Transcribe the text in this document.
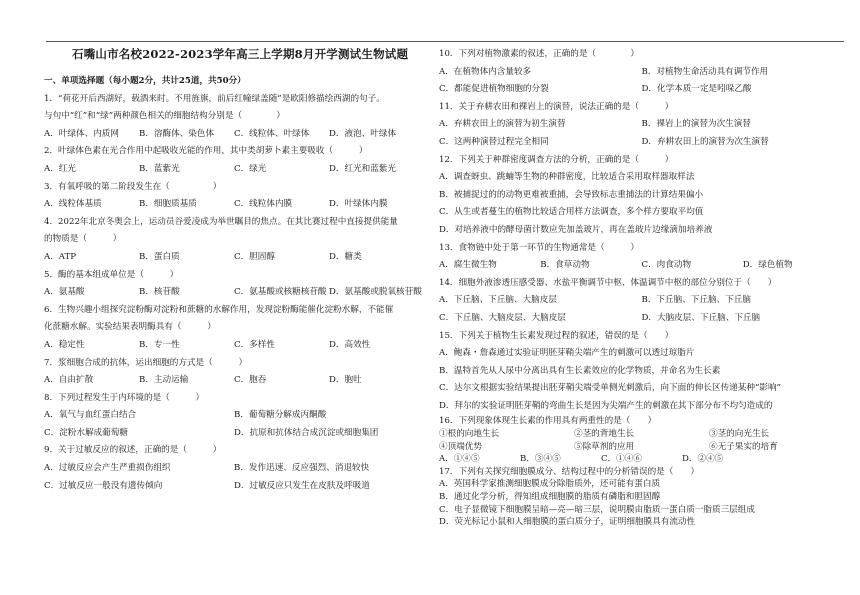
石嘴山市名校2022-2023学年高三上学期8月开学测试生物试题
一、单项选择题（每小题2分，共计25道，共50分）
1．“荷花开后西湖好，载酒来时。不用旌旗，前后红幢绿盖随”是欧阳修描绘西湖的句子。
与句中“红”和“绿”两种颜色相关的细胞结构分别是（　　　　）
A．叶绿体、内质网	B．溶酶体、染色体	C．线粒体、叶绿体	D．液泡、叶绿体
2．叶绿体色素在光合作用中起吸收光能的作用，其中类胡萝卜素主要吸收（　　　）
A．红光	B．蓝紫光	C．绿光	D．红光和蓝紫光
3．有氧呼吸的第二阶段发生在（　　　　　）
A．线粒体基质	B．细胞质基质	C．线粒体内膜	D．叶绿体内膜
4．2022年北京冬奥会上，运动员谷爱凌成为举世瞩目的焦点。在其比赛过程中直接提供能量
的物质是（　　　）
A．ATP	B．蛋白质	C．胆固醇	D．糖类
5．酶的基本组成单位是（　　　）
A．氨基酸	B．核苷酸	C．氨基酸或核糖核苷酸 D．氨基酸或脱氧核苷酸
6．生物兴趣小组探究淀粉酶对淀粉和蔗糖的水解作用，发现淀粉酶能催化淀粉水解，不能催
化蔗糖水解。实验结果表明酶具有（　　　）
A．稳定性	B．专一性	C．多样性	D．高效性
7．浆细胞合成的抗体，运出细胞的方式是（　　　）
A．自由扩散	B．主动运输	C．胞吞	D．胞吐
8．下列过程发生于内环境的是（　　　）
A．氧气与血红蛋白结合	B．葡萄糖分解成丙酮酸
C．淀粉水解成葡萄糖	D．抗原和抗体结合成沉淀或细胞集团
9．关于过敏反应的叙述，正确的是（　　　）
A．过敏反应会产生严重损伤组织	B．发作迅速、反应强烈、消退较快
C．过敏反应一般没有遗传倾向	D．过敏反应只发生在皮肤及呼吸道
10．下列对植物激素的叙述，正确的是（　　　　）
A．在植物体内含量较多	B．对植物生命活动具有调节作用
C．都能促进植物细胞的分裂	D．化学本质一定是吲哚乙酸
11．关于弃耕农田和裸岩上的演替，说法正确的是（　　　）
A．弃耕农田上的演替为初生演替	B．裸岩上的演替为次生演替
C．这两种演替过程完全相同	D．弃耕农田上的演替为次生演替
12．下列关于种群密度调查方法的分析，正确的是（　　　）
A．调查蚜虫、跳蝻等生物的种群密度，比较适合采用取样器取样法
B．被捕捉过的的动物更难被重捕，会导致标志重捕法的计算结果偏小
C．从生或者蔓生的植物比较适合用样方法调查，多个样方要取平均值
D．对培养液中的酵母菌计数应先加盖玻片，再在盖玻片边缘滴加培养液
13．食物链中处于第一环节的生物通常是（　　　）
A．腐生微生物	B．食草动物	C．肉食动物	D．绿色植物
14．细胞外液渗透压感受器、水盐平衡调节中枢、体温调节中枢的部位分别位于（　　）
A．下丘脑、下丘脑、大脑皮层	B．下丘脑、下丘脑、下丘脑
C．下丘脑、大脑皮层、大脑皮层	D．大脑皮层、下丘脑、下丘脑
15．下列关于植物生长素发现过程的叙述，错误的是（　　）
A．鲍森・詹森通过实验证明胚芽鞘尖端产生的刺激可以透过琼脂片
B．温特首先从人尿中分离出具有生长素效应的化学物质，并命名为生长素
C．达尔文根据实验结果提出胚芽鞘尖端受单侧光刺激后，向下面的伸长区传递某种“影响”
D．拜尔的实验证明胚芽鞘的弯曲生长是因为尖端产生的刺激在其下部分布不均匀造成的
16．下列现象体现生长素的作用具有两重性的是（　　）
①根的向地生长	②茎的背地生长	③茎的向光生长
④顶端优势	⑤除草剂的应用	⑥无子果实的培育
A．①④⑤	B．③④⑤	C．①④⑥	D．②④⑤
17．下列有关探究细胞膜成分、结构过程中的分析错误的是（　　）
A．英国科学家推测细胞膜成分除脂质外，还可能有蛋白质
B．通过化学分析，得知组成细胞膜的脂质有磷脂和胆固醇
C．电子显微镜下细胞膜呈暗—亮—暗三层，说明膜由脂质一蛋白质一脂质三层组成
D．荧光标记小鼠和人细胞膜的蛋白质分子，证明细胞膜具有流动性
